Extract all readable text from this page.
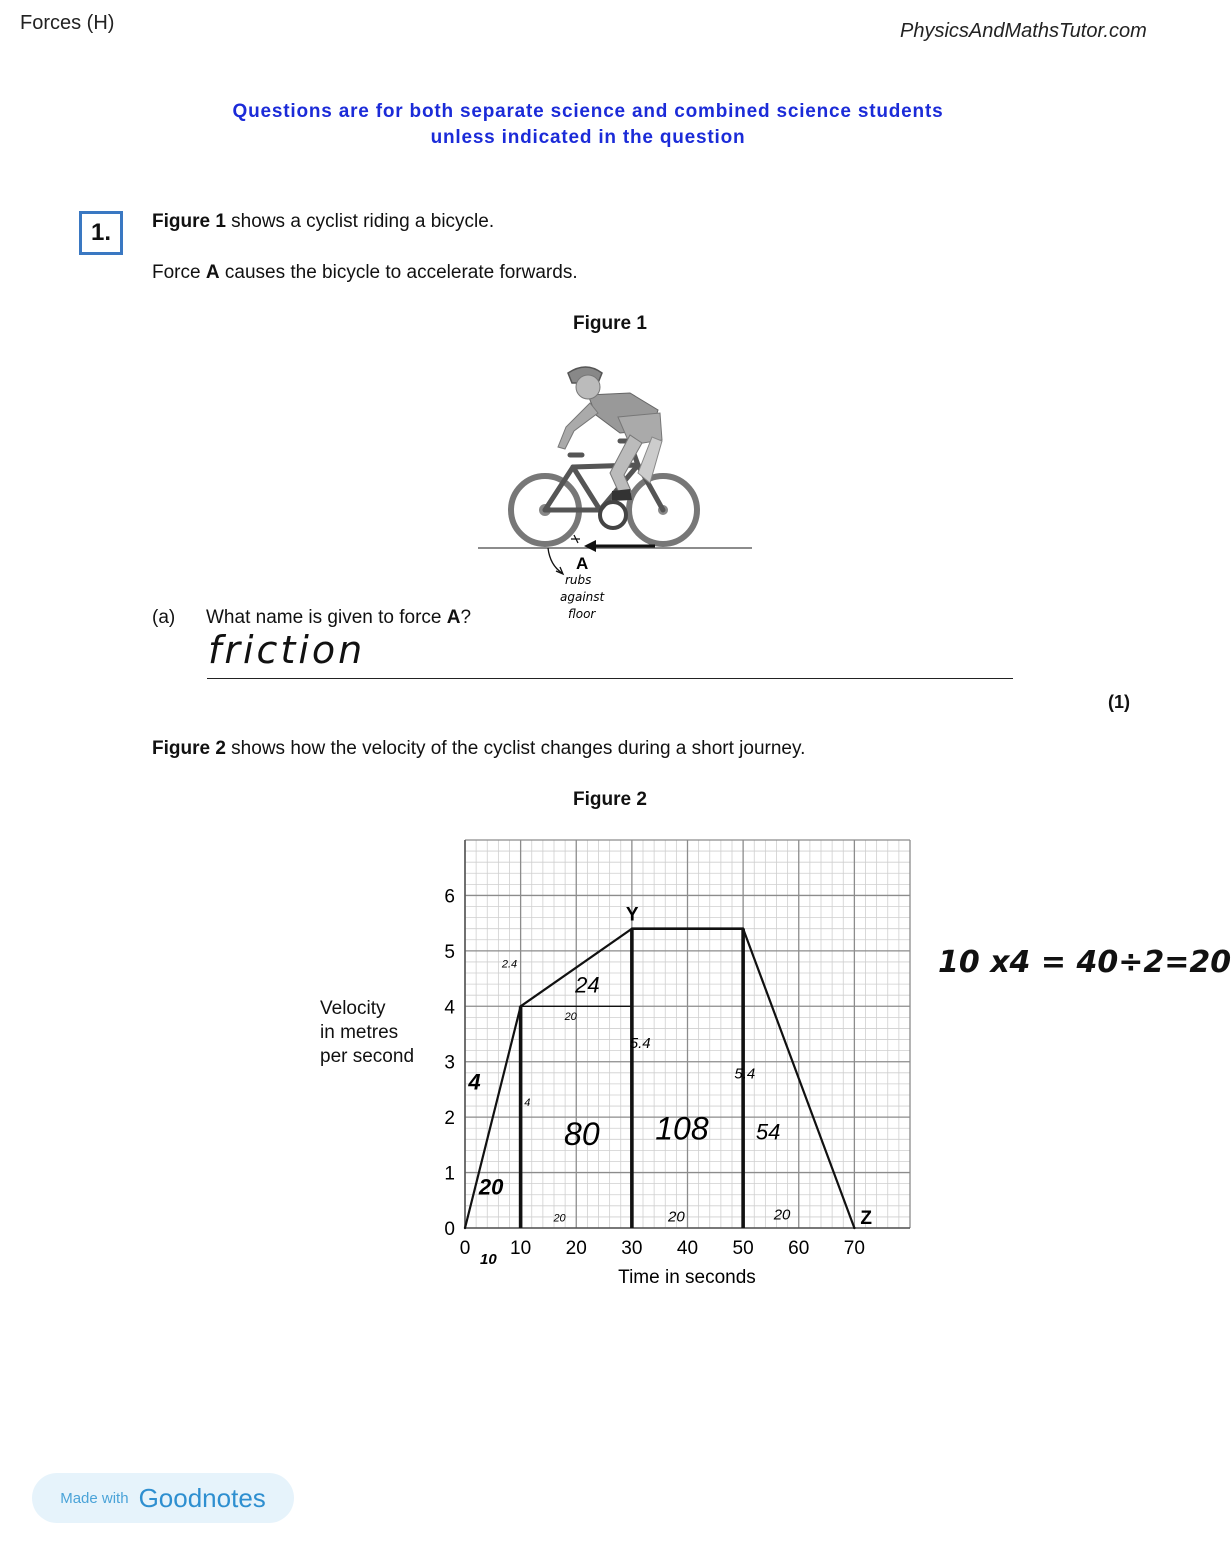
Forces (H)	PhysicsAndMathsTutor.com
Questions are for both separate science and combined science students
unless indicated in the question
1.	Figure 1 shows a cyclist riding a bicycle.
Force A causes the bicycle to accelerate forwards.
Figure 1
A
rubs
against
floor
(a) What name is given to force A?
friction
(1)
Figure 2 shows how the velocity of the cyclist changes during a short journey.
Figure 2
Velocity
in metres
per second
0 10 20 30 40 50 60 70
0
1
2
3
4
5
6
Y
Z
4
20
10
4
2.4
24
20
80
5.4
108
5.4
54
20	20	20
Time in seconds
10 x4 = 40÷2=20
Made with Goodnotes
